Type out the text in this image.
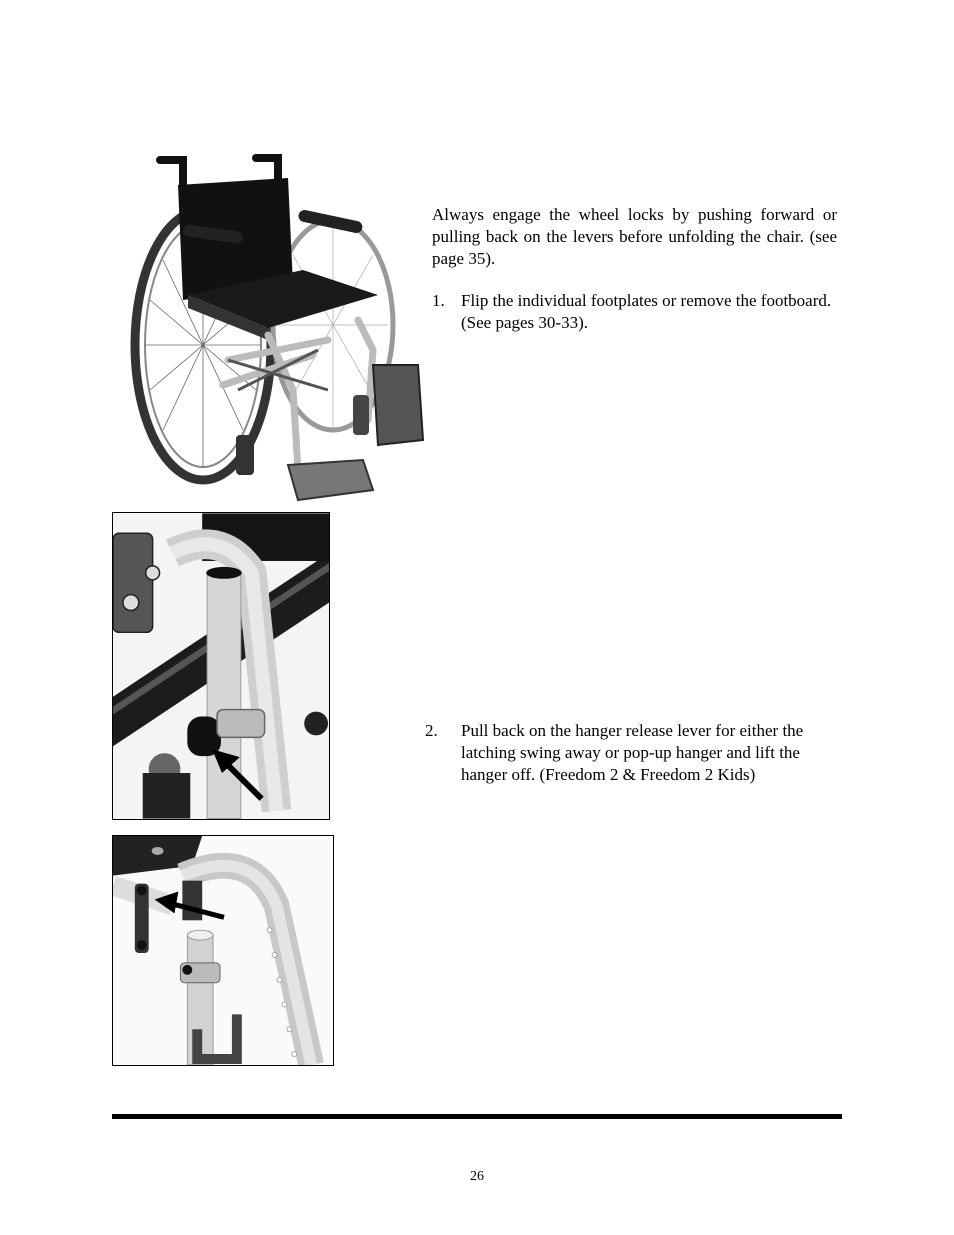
Always engage the wheel locks by pushing forward or pulling back on the levers before unfolding the chair. (see page 35).
1. Flip the individual footplates or remove the footboard. (See pages 30-33).
2. Pull back on the hanger release lever for either the latching swing away or pop-up hanger and lift the hanger off. (Freedom 2 & Freedom 2 Kids)
26
